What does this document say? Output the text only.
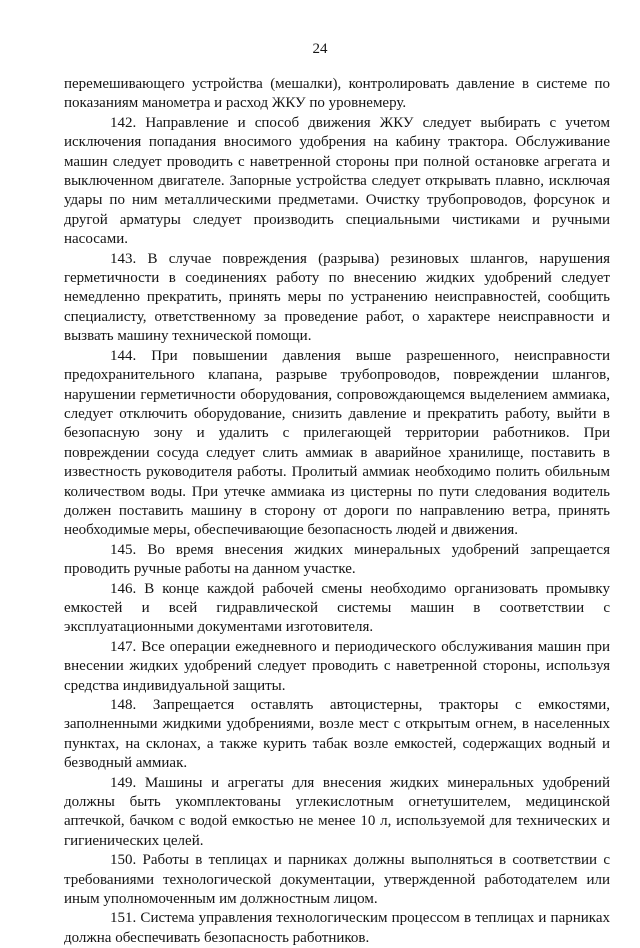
24

перемешивающего устройства (мешалки), контролировать давление в системе по показаниям манометра и расход ЖКУ по уровнемеру.

142. Направление и способ движения ЖКУ следует выбирать с учетом исключения попадания вносимого удобрения на кабину трактора. Обслуживание машин следует проводить с наветренной стороны при полной остановке агрегата и выключенном двигателе. Запорные устройства следует открывать плавно, исключая удары по ним металлическими предметами. Очистку трубопроводов, форсунок и другой арматуры следует производить специальными чистиками и ручными насосами.

143. В случае повреждения (разрыва) резиновых шлангов, нарушения герметичности в соединениях работу по внесению жидких удобрений следует немедленно прекратить, принять меры по устранению неисправностей, сообщить специалисту, ответственному за проведение работ, о характере неисправности и вызвать машину технической помощи.

144. При повышении давления выше разрешенного, неисправности предохранительного клапана, разрыве трубопроводов, повреждении шлангов, нарушении герметичности оборудования, сопровождающемся выделением аммиака, следует отключить оборудование, снизить давление и прекратить работу, выйти в безопасную зону и удалить с прилегающей территории работников. При повреждении сосуда следует слить аммиак в аварийное хранилище, поставить в известность руководителя работы. Пролитый аммиак необходимо полить обильным количеством воды. При утечке аммиака из цистерны по пути следования водитель должен поставить машину в сторону от дороги по направлению ветра, принять необходимые меры, обеспечивающие безопасность людей и движения.

145. Во время внесения жидких минеральных удобрений запрещается проводить ручные работы на данном участке.

146. В конце каждой рабочей смены необходимо организовать промывку емкостей и всей гидравлической системы машин в соответствии с эксплуатационными документами изготовителя.

147. Все операции ежедневного и периодического обслуживания машин при внесении жидких удобрений следует проводить с наветренной стороны, используя средства индивидуальной защиты.

148. Запрещается оставлять автоцистерны, тракторы с емкостями, заполненными жидкими удобрениями, возле мест с открытым огнем, в населенных пунктах, на склонах, а также курить табак возле емкостей, содержащих водный и безводный аммиак.

149. Машины и агрегаты для внесения жидких минеральных удобрений должны быть укомплектованы углекислотным огнетушителем, медицинской аптечкой, бачком с водой емкостью не менее 10 л, используемой для технических и гигиенических целей.

150. Работы в теплицах и парниках должны выполняться в соответствии с требованиями технологической документации, утвержденной работодателем или иным уполномоченным им должностным лицом.

151. Система управления технологическим процессом в теплицах и парниках должна обеспечивать безопасность работников.
